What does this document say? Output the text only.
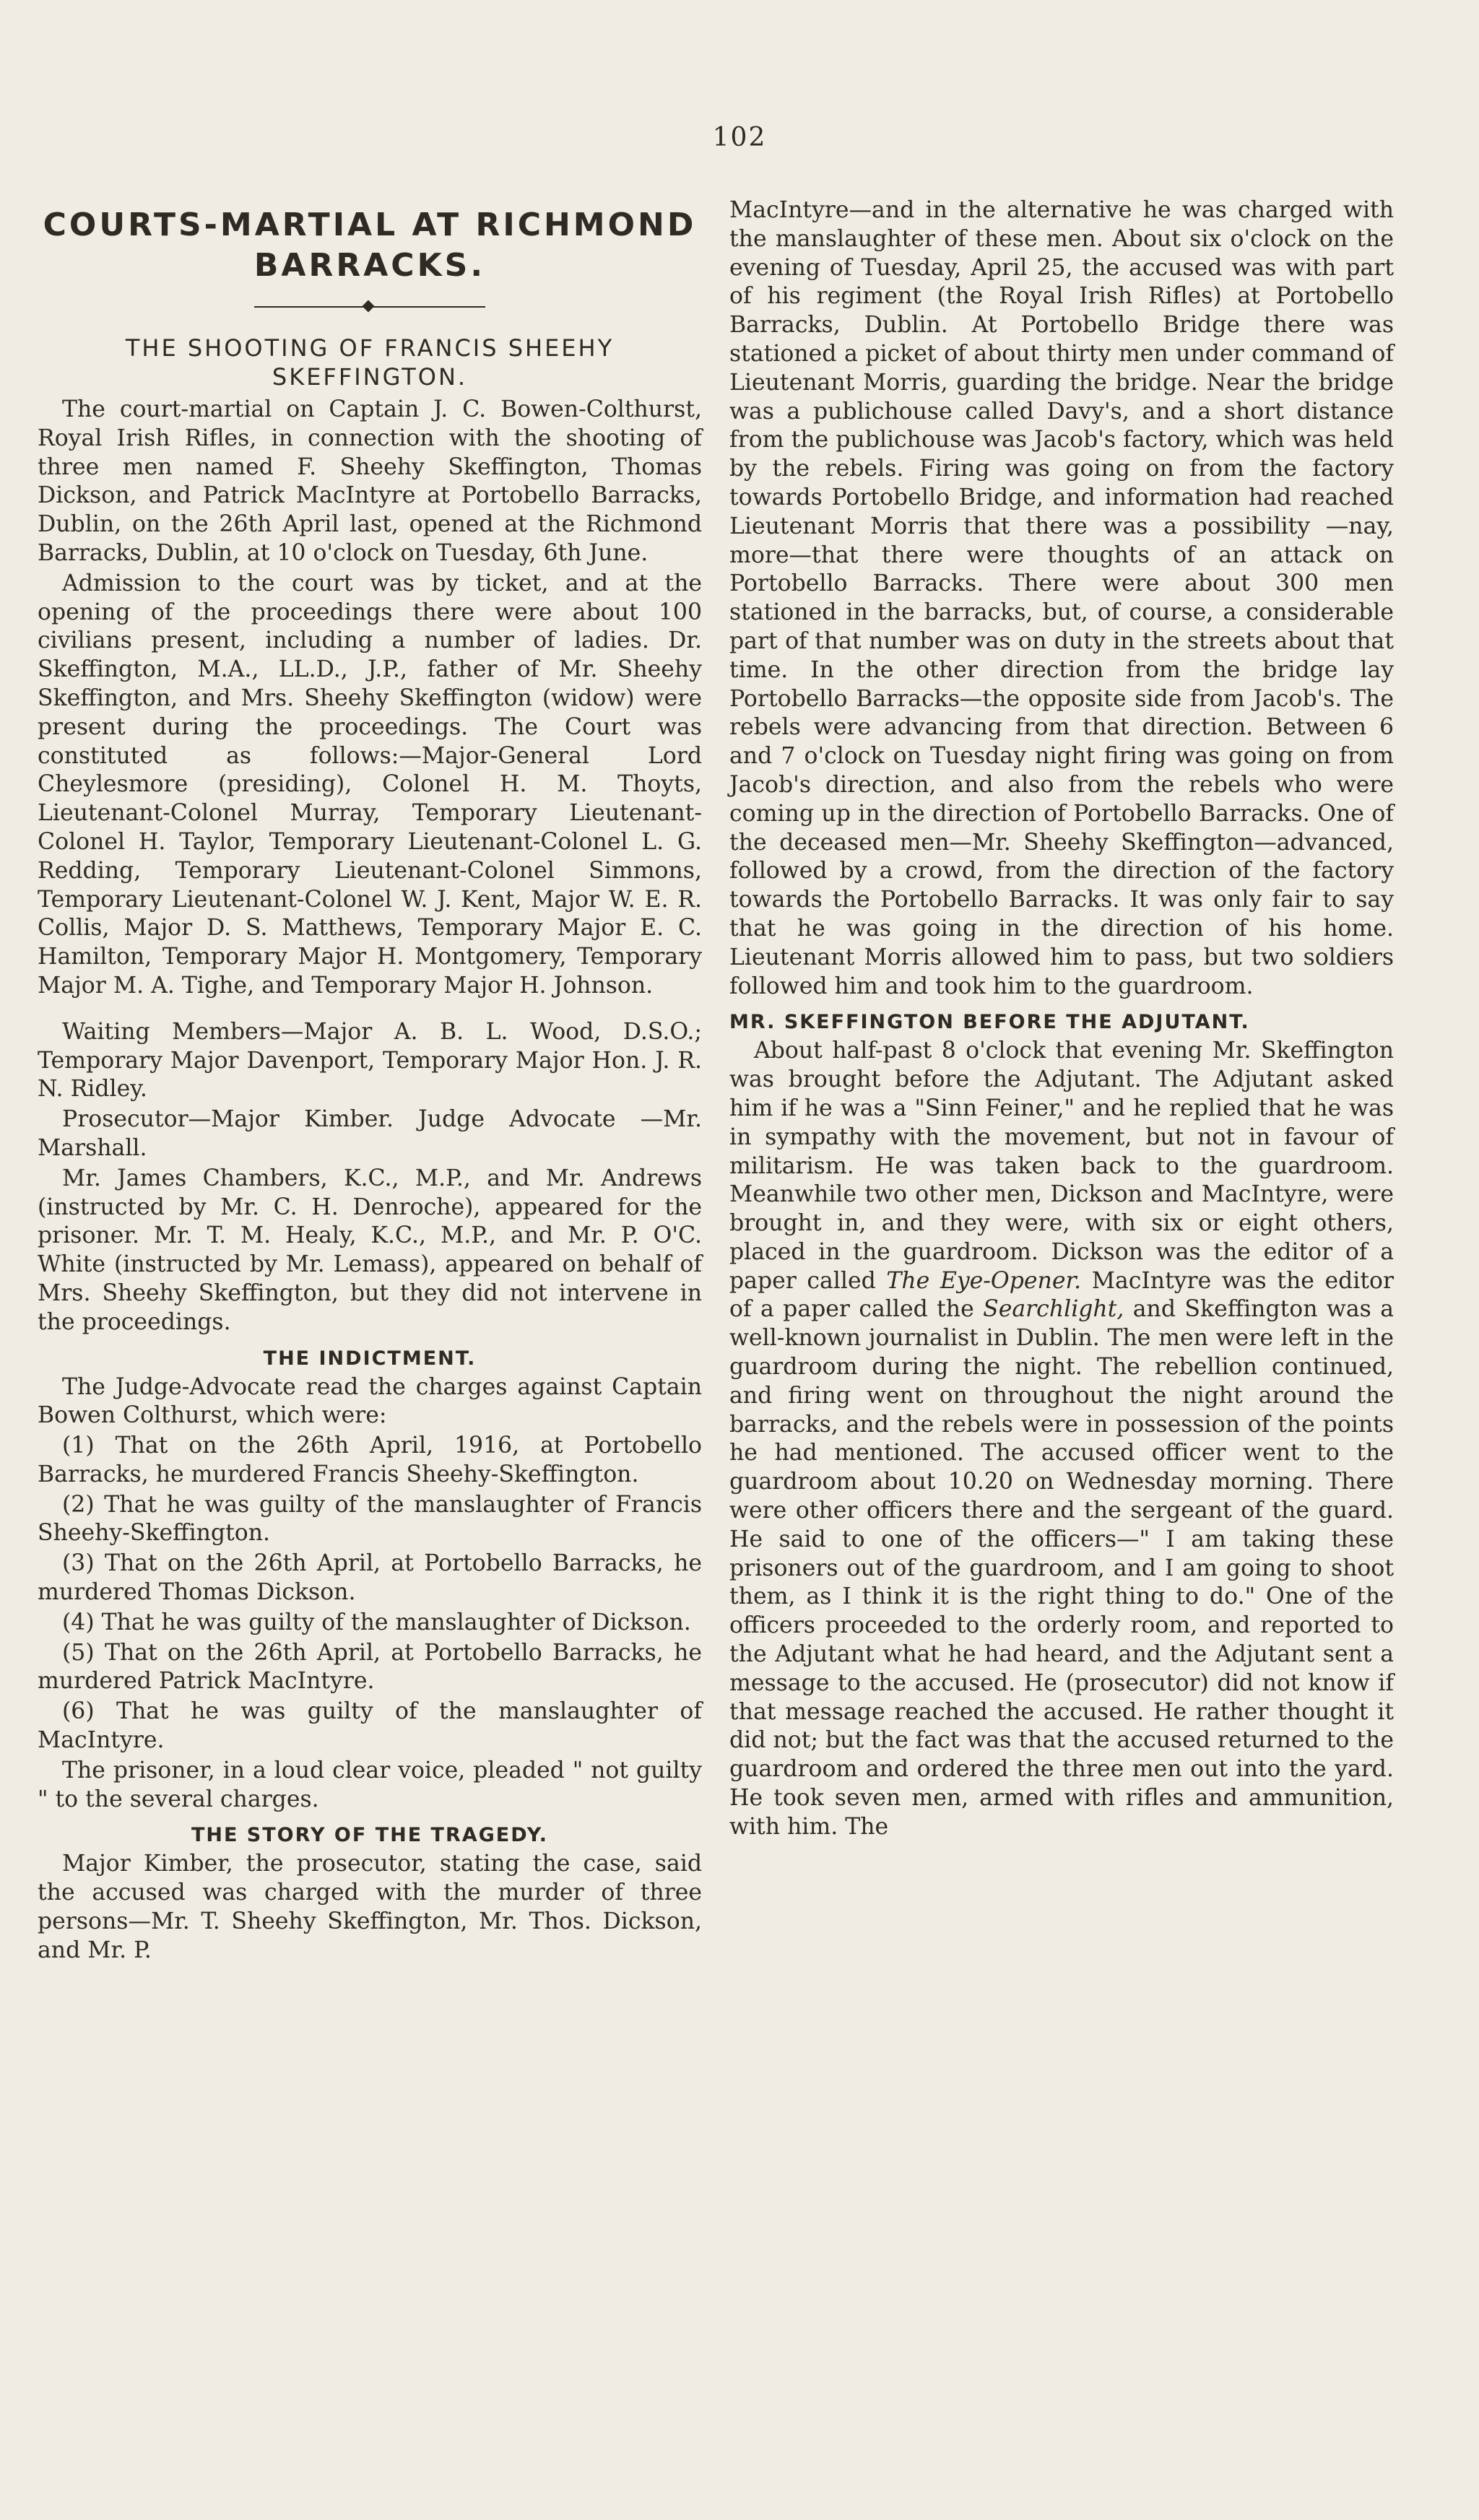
102
COURTS-MARTIAL AT RICHMOND BARRACKS.
THE SHOOTING OF FRANCIS SHEEHY SKEFFINGTON.

The court-martial on Captain J. C. Bowen-Colthurst, Royal Irish Rifles, in connection with the shooting of three men named F. Sheehy Skeffington, Thomas Dickson, and Patrick MacIntyre at Portobello Barracks, Dublin, on the 26th April last, opened at the Richmond Barracks, Dublin, at 10 o'clock on Tuesday, 6th June.

Admission to the court was by ticket, and at the opening of the proceedings there were about 100 civilians present, including a number of ladies. Dr. Skeffington, M.A., LL.D., J.P., father of Mr. Sheehy Skeffington, and Mrs. Sheehy Skeffington (widow) were present during the proceedings. The Court was constituted as follows:—Major-General Lord Cheylesmore (presiding), Colonel H. M. Thoyts, Lieutenant-Colonel Murray, Temporary Lieutenant-Colonel H. Taylor, Temporary Lieutenant-Colonel L. G. Redding, Temporary Lieutenant-Colonel Simmons, Temporary Lieutenant-Colonel W. J. Kent, Major W. E. R. Collis, Major D. S. Matthews, Temporary Major E. C. Hamilton, Temporary Major H. Montgomery, Temporary Major M. A. Tighe, and Temporary Major H. Johnson.

Waiting Members—Major A. B. L. Wood, D.S.O.; Temporary Major Davenport, Temporary Major Hon. J. R. N. Ridley.

Prosecutor—Major Kimber. Judge Advocate —Mr. Marshall.

Mr. James Chambers, K.C., M.P., and Mr. Andrews (instructed by Mr. C. H. Denroche), appeared for the prisoner. Mr. T. M. Healy, K.C., M.P., and Mr. P. O'C. White (instructed by Mr. Lemass), appeared on behalf of Mrs. Sheehy Skeffington, but they did not intervene in the proceedings.

THE INDICTMENT.

The Judge-Advocate read the charges against Captain Bowen Colthurst, which were:

(1) That on the 26th April, 1916, at Portobello Barracks, he murdered Francis Sheehy-Skeffington.

(2) That he was guilty of the manslaughter of Francis Sheehy-Skeffington.

(3) That on the 26th April, at Portobello Barracks, he murdered Thomas Dickson.

(4) That he was guilty of the manslaughter of Dickson.

(5) That on the 26th April, at Portobello Barracks, he murdered Patrick MacIntyre.

(6) That he was guilty of the manslaughter of MacIntyre.

The prisoner, in a loud clear voice, pleaded " not guilty " to the several charges.

THE STORY OF THE TRAGEDY.

Major Kimber, the prosecutor, stating the case, said the accused was charged with the murder of three persons—Mr. T. Sheehy Skeffington, Mr. Thos. Dickson, and Mr. P.

MacIntyre—and in the alternative he was charged with the manslaughter of these men. About six o'clock on the evening of Tuesday, April 25, the accused was with part of his regiment (the Royal Irish Rifles) at Portobello Barracks, Dublin. At Portobello Bridge there was stationed a picket of about thirty men under command of Lieutenant Morris, guarding the bridge. Near the bridge was a publichouse called Davy's, and a short distance from the publichouse was Jacob's factory, which was held by the rebels. Firing was going on from the factory towards Portobello Bridge, and information had reached Lieutenant Morris that there was a possibility —nay, more—that there were thoughts of an attack on Portobello Barracks. There were about 300 men stationed in the barracks, but, of course, a considerable part of that number was on duty in the streets about that time. In the other direction from the bridge lay Portobello Barracks—the opposite side from Jacob's. The rebels were advancing from that direction. Between 6 and 7 o'clock on Tuesday night firing was going on from Jacob's direction, and also from the rebels who were coming up in the direction of Portobello Barracks. One of the deceased men—Mr. Sheehy Skeffington—advanced, followed by a crowd, from the direction of the factory towards the Portobello Barracks. It was only fair to say that he was going in the direction of his home. Lieutenant Morris allowed him to pass, but two soldiers followed him and took him to the guardroom.

MR. SKEFFINGTON BEFORE THE ADJUTANT.

About half-past 8 o'clock that evening Mr. Skeffington was brought before the Adjutant. The Adjutant asked him if he was a "Sinn Feiner," and he replied that he was in sympathy with the movement, but not in favour of militarism. He was taken back to the guardroom. Meanwhile two other men, Dickson and MacIntyre, were brought in, and they were, with six or eight others, placed in the guardroom. Dickson was the editor of a paper called The Eye-Opener. MacIntyre was the editor of a paper called the Searchlight, and Skeffington was a well-known journalist in Dublin. The men were left in the guardroom during the night. The rebellion continued, and firing went on throughout the night around the barracks, and the rebels were in possession of the points he had mentioned. The accused officer went to the guardroom about 10.20 on Wednesday morning. There were other officers there and the sergeant of the guard. He said to one of the officers—" I am taking these prisoners out of the guardroom, and I am going to shoot them, as I think it is the right thing to do." One of the officers proceeded to the orderly room, and reported to the Adjutant what he had heard, and the Adjutant sent a message to the accused. He (prosecutor) did not know if that message reached the accused. He rather thought it did not; but the fact was that the accused returned to the guardroom and ordered the three men out into the yard. He took seven men, armed with rifles and ammunition, with him. The
